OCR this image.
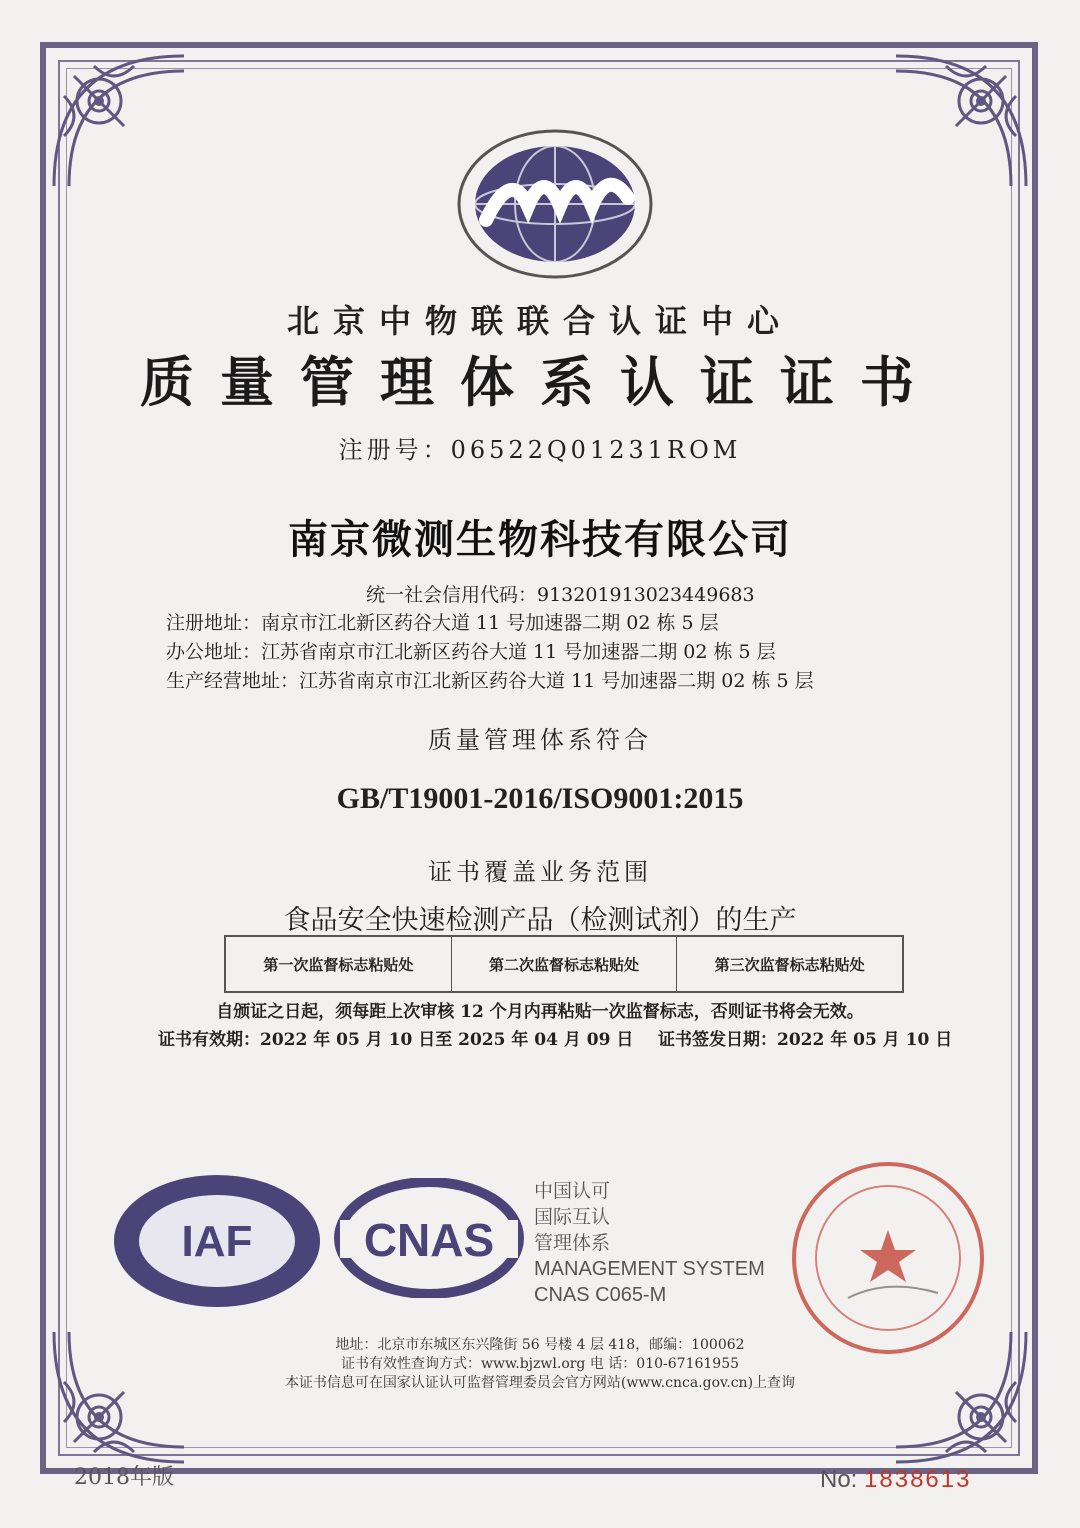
北京中物联联合认证中心
质量管理体系认证证书
注册号：06522Q01231ROM
南京微测生物科技有限公司
统一社会信用代码：913201913023449683
注册地址：南京市江北新区药谷大道 11 号加速器二期 02 栋 5 层
办公地址：江苏省南京市江北新区药谷大道 11 号加速器二期 02 栋 5 层
生产经营地址：江苏省南京市江北新区药谷大道 11 号加速器二期 02 栋 5 层
质量管理体系符合
GB/T19001-2016/ISO9001:2015
证书覆盖业务范围
食品安全快速检测产品（检测试剂）的生产
第一次监督标志粘贴处	第二次监督标志粘贴处	第三次监督标志粘贴处
自颁证之日起，须每距上次审核 12 个月内再粘贴一次监督标志，否则证书将会无效。
证书有效期：2022 年 05 月 10 日至 2025 年 04 月 09 日 证书签发日期：2022 年 05 月 10 日
IAF CNAS
中国认可
国际互认
管理体系
MANAGEMENT SYSTEM
CNAS C065-M
地址：北京市东城区东兴隆街 56 号楼 4 层 418，邮编：100062
证书有效性查询方式：www.bjzwl.org 电 话：010-67161955
本证书信息可在国家认证认可监督管理委员会官方网站(www.cnca.gov.cn)上查询
2018年版	No: 1838613
